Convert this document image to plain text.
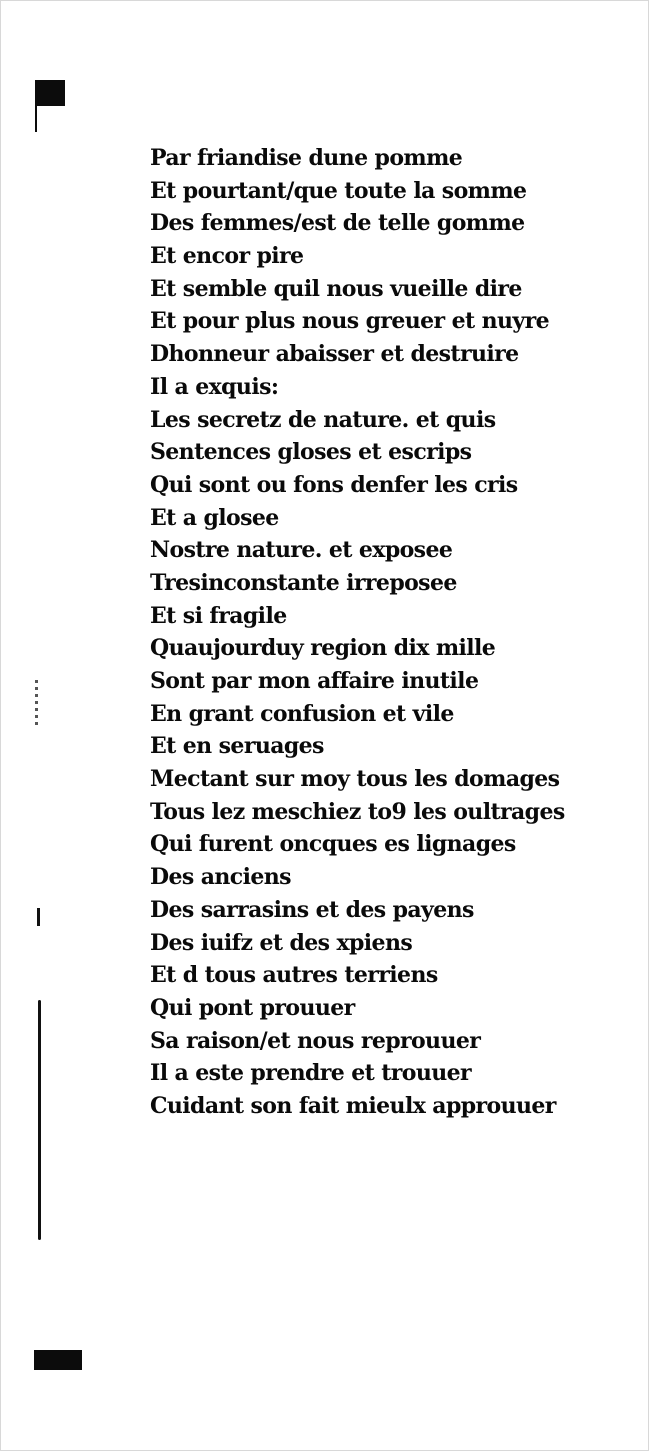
Par friandise dune pomme
Et pourtant/que toute la somme
Des femmes/est de telle gomme
Et encor pire
Et semble quil nous vueille dire
Et pour plus nous greuer et nuyre
Dhonneur abaisser et destruire
Il a exquis:
Les secretz de nature. et quis
Sentences gloses et escrips
Qui sont ou fons denfer les cris
Et a glosee
Nostre nature. et exposee
Tresinconstante irreposee
Et si fragile
Quaujourduy region dix mille
Sont par mon affaire inutile
En grant confusion et vile
Et en seruages
Mectant sur moy tous les domages
Tous lez meschiez to9 les oultrages
Qui furent oncques es lignages
Des anciens
Des sarrasins et des payens
Des iuifz et des xpiens
Et d tous autres terriens
Qui pont prouuer
Sa raison/et nous reprouuer
Il a este prendre et trouuer
Cuidant son fait mieulx approuuer
